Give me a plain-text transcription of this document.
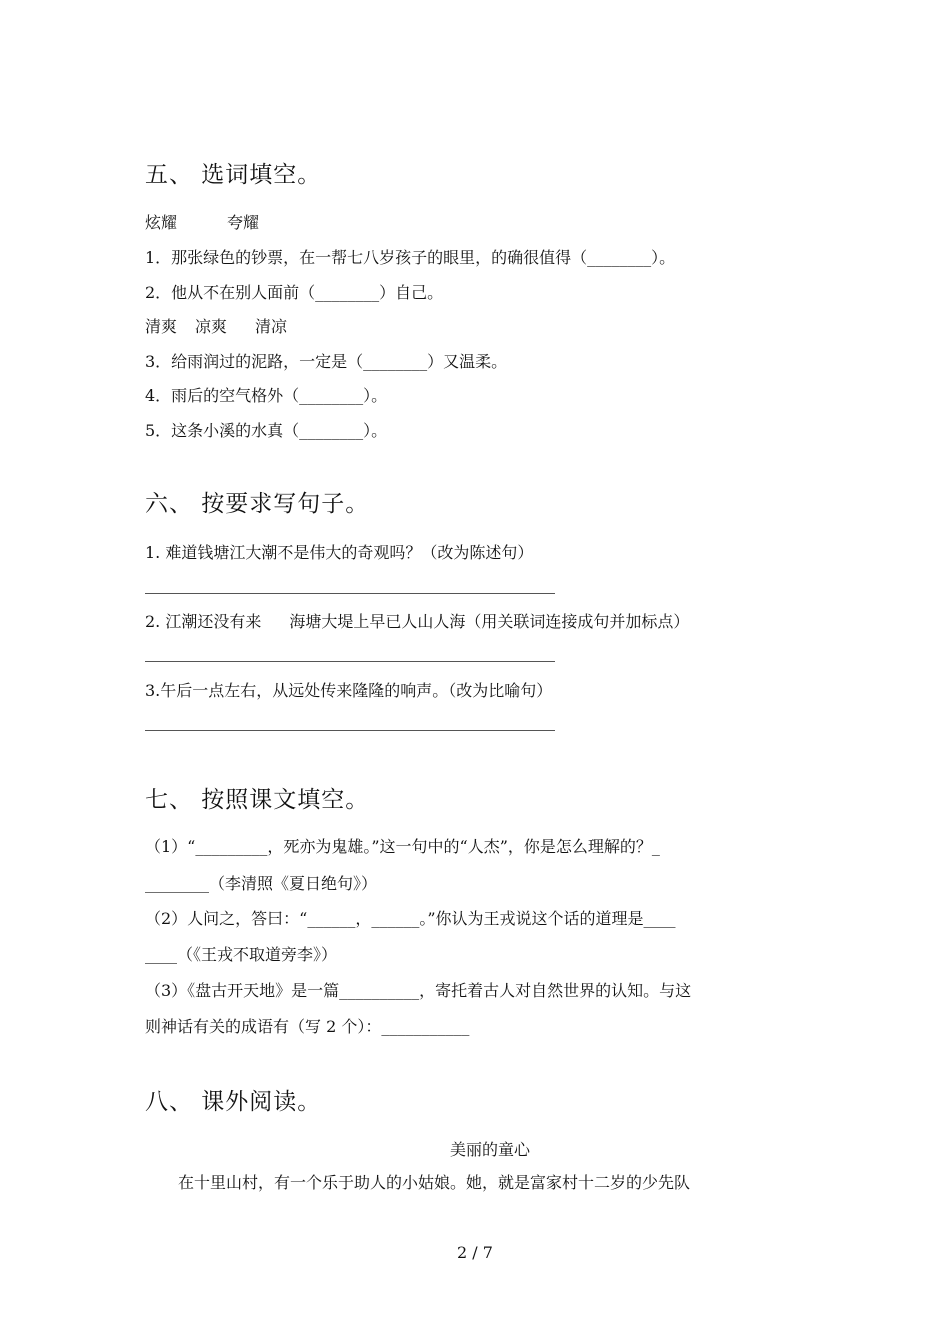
五、 选词填空。
炫耀	夸耀
1．那张绿色的钞票，在一帮七八岁孩子的眼里，的确很值得（________）。
2．他从不在别人面前（________）自己。
清爽 凉爽 清凉
3．给雨润过的泥路，一定是（________）又温柔。
4．雨后的空气格外（________）。
5．这条小溪的水真（________）。
六、 按要求写句子。
1. 难道钱塘江大潮不是伟大的奇观吗？（改为陈述句）
2. 江潮还没有来 海塘大堤上早已人山人海（用关联词连接成句并加标点）
3.午后一点左右，从远处传来隆隆的响声。（改为比喻句）
七、 按照课文填空。
（1）“_________，死亦为鬼雄。”这一句中的“人杰”，你是怎么理解的？_
________（李清照《夏日绝句》）
（2）人问之，答曰：“______，______。”你认为王戎说这个话的道理是____
____（《王戎不取道旁李》）
（3）《盘古开天地》是一篇__________，寄托着古人对自然世界的认知。与这
则神话有关的成语有（写 2 个）：___________
八、 课外阅读。
美丽的童心
在十里山村，有一个乐于助人的小姑娘。她，就是富家村十二岁的少先队
2 / 7
